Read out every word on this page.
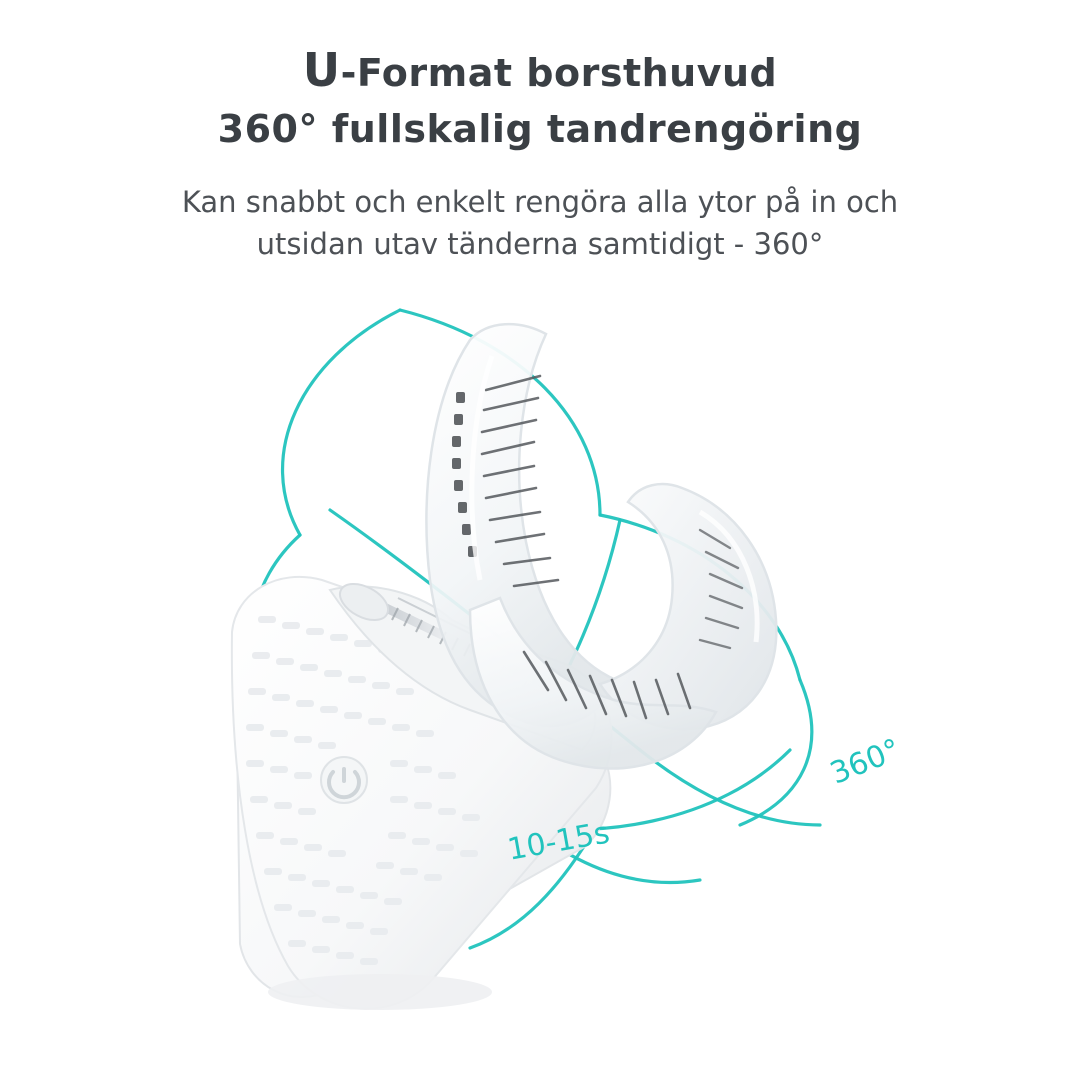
U-Format borsthuvud
360° fullskalig tandrengöring
Kan snabbt och enkelt rengöra alla ytor på in och
utsidan utav tänderna samtidigt - 360°
360°
10-15s
